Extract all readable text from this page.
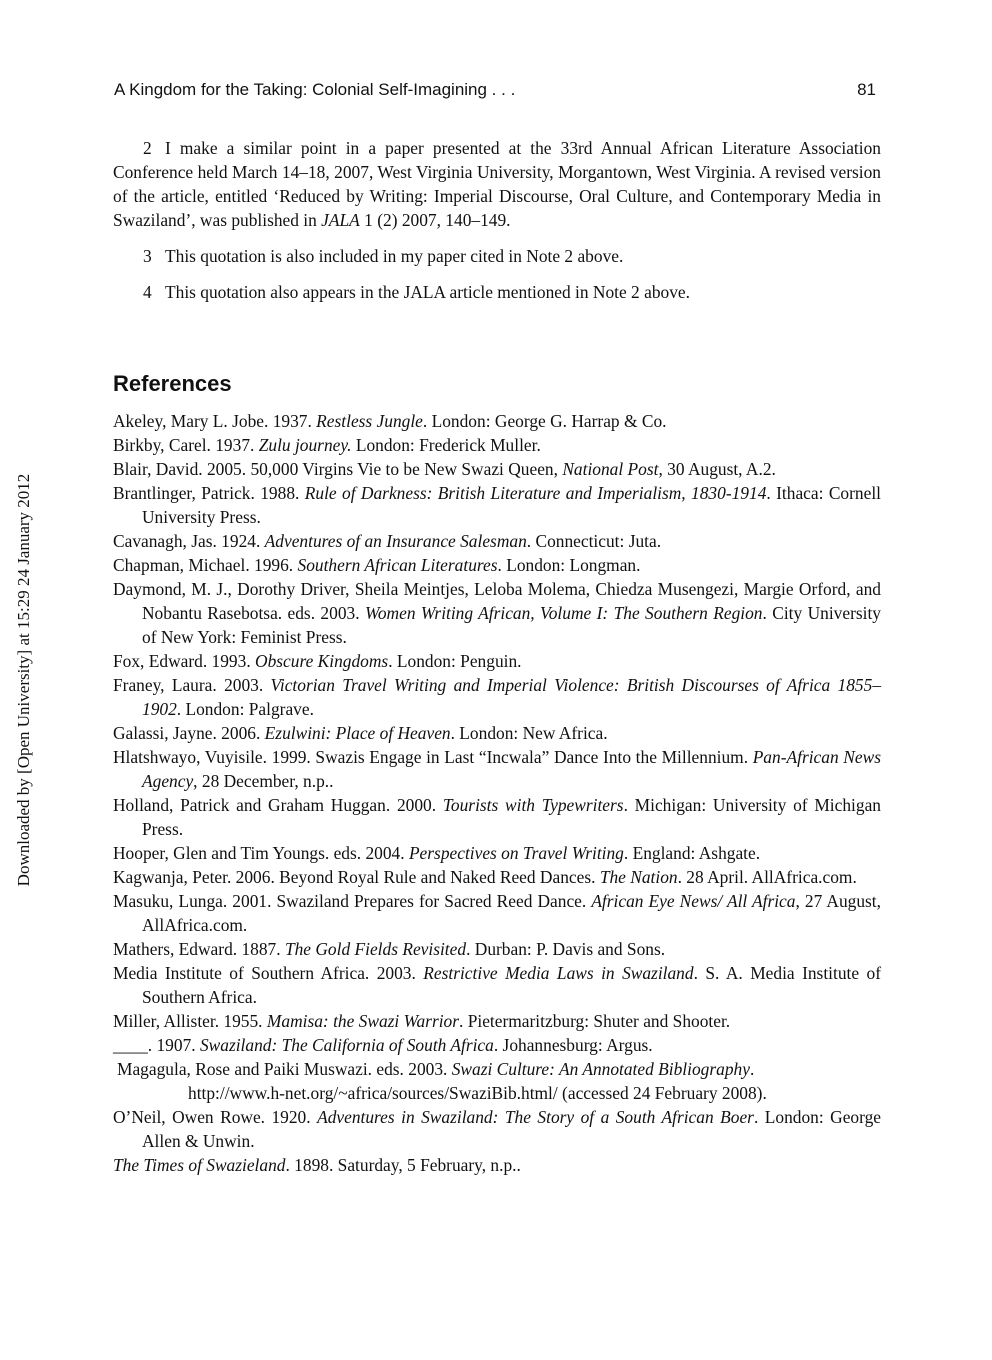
Downloaded by [Open University] at 15:29 24 January 2012
A Kingdom for the Taking: Colonial Self-Imagining . . .	81

2 I make a similar point in a paper presented at the 33rd Annual African Literature Association Conference held March 14–18, 2007, West Virginia University, Morgantown, West Virginia. A revised version of the article, entitled ‘Reduced by Writing: Imperial Discourse, Oral Culture, and Contemporary Media in Swaziland’, was published in JALA 1 (2) 2007, 140–149.

3 This quotation is also included in my paper cited in Note 2 above.

4 This quotation also appears in the JALA article mentioned in Note 2 above.

References

Akeley, Mary L. Jobe. 1937. Restless Jungle. London: George G. Harrap & Co.

Birkby, Carel. 1937. Zulu journey. London: Frederick Muller.

Blair, David. 2005. 50,000 Virgins Vie to be New Swazi Queen, National Post, 30 August, A.2.

Brantlinger, Patrick. 1988. Rule of Darkness: British Literature and Imperialism, 1830-1914. Ithaca: Cornell University Press.

Cavanagh, Jas. 1924. Adventures of an Insurance Salesman. Connecticut: Juta.

Chapman, Michael. 1996. Southern African Literatures. London: Longman.

Daymond, M. J., Dorothy Driver, Sheila Meintjes, Leloba Molema, Chiedza Musengezi, Margie Orford, and Nobantu Rasebotsa. eds. 2003. Women Writing African, Volume I: The Southern Region. City University of New York: Feminist Press.

Fox, Edward. 1993. Obscure Kingdoms. London: Penguin.

Franey, Laura. 2003. Victorian Travel Writing and Imperial Violence: British Discourses of Africa 1855–1902. London: Palgrave.

Galassi, Jayne. 2006. Ezulwini: Place of Heaven. London: New Africa.

Hlatshwayo, Vuyisile. 1999. Swazis Engage in Last “Incwala” Dance Into the Millennium. Pan-African News Agency, 28 December, n.p..

Holland, Patrick and Graham Huggan. 2000. Tourists with Typewriters. Michigan: University of Michigan Press.

Hooper, Glen and Tim Youngs. eds. 2004. Perspectives on Travel Writing. England: Ashgate.

Kagwanja, Peter. 2006. Beyond Royal Rule and Naked Reed Dances. The Nation. 28 April. AllAfrica.com.

Masuku, Lunga. 2001. Swaziland Prepares for Sacred Reed Dance. African Eye News/ All Africa, 27 August, AllAfrica.com.

Mathers, Edward. 1887. The Gold Fields Revisited. Durban: P. Davis and Sons.

Media Institute of Southern Africa. 2003. Restrictive Media Laws in Swaziland. S. A. Media Institute of Southern Africa.

Miller, Allister. 1955. Mamisa: the Swazi Warrior. Pietermaritzburg: Shuter and Shooter.

____. 1907. Swaziland: The California of South Africa. Johannesburg: Argus.

Magagula, Rose and Paiki Muswazi. eds. 2003. Swazi Culture: An Annotated Bibliography.

http://www.h-net.org/~africa/sources/SwaziBib.html/ (accessed 24 February 2008).

O’Neil, Owen Rowe. 1920. Adventures in Swaziland: The Story of a South African Boer. London: George Allen & Unwin.

The Times of Swazieland. 1898. Saturday, 5 February, n.p..
